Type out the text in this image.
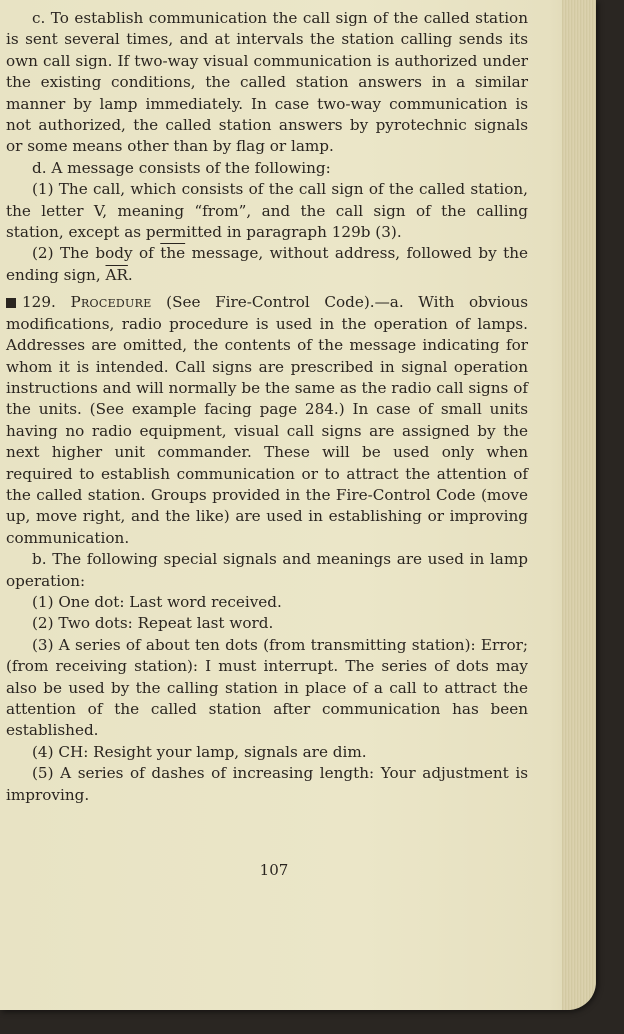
c. To establish communication the call sign of the called station is sent several times, and at intervals the station calling sends its own call sign. If two-way visual communication is authorized under the existing conditions, the called station answers in a similar manner by lamp immediately. In case two-way communication is not authorized, the called station answers by pyrotechnic signals or some means other than by flag or lamp.

d. A message consists of the following:

(1) The call, which consists of the call sign of the called station, the letter V, meaning “from”, and the call sign of the calling station, except as permitted in paragraph 129b (3).

(2) The body of $\overline{the}$ message, without address, followed by the ending sign, $\overline{AR}$.

129. Procedure (See Fire-Control Code).—a. With obvious modifications, radio procedure is used in the operation of lamps. Addresses are omitted, the contents of the message indicating for whom it is intended. Call signs are prescribed in signal operation instructions and will normally be the same as the radio call signs of the units. (See example facing page 284.) In case of small units having no radio equipment, visual call signs are assigned by the next higher unit commander. These will be used only when required to establish communication or to attract the attention of the called station. Groups provided in the Fire-Control Code (move up, move right, and the like) are used in establishing or improving communication.

b. The following special signals and meanings are used in lamp operation:

(1) One dot: Last word received.

(2) Two dots: Repeat last word.

(3) A series of about ten dots (from transmitting station): Error; (from receiving station): I must interrupt. The series of dots may also be used by the calling station in place of a call to attract the attention of the called station after communication has been established.

(4) CH: Resight your lamp, signals are dim.

(5) A series of dashes of increasing length: Your adjustment is improving.

107
